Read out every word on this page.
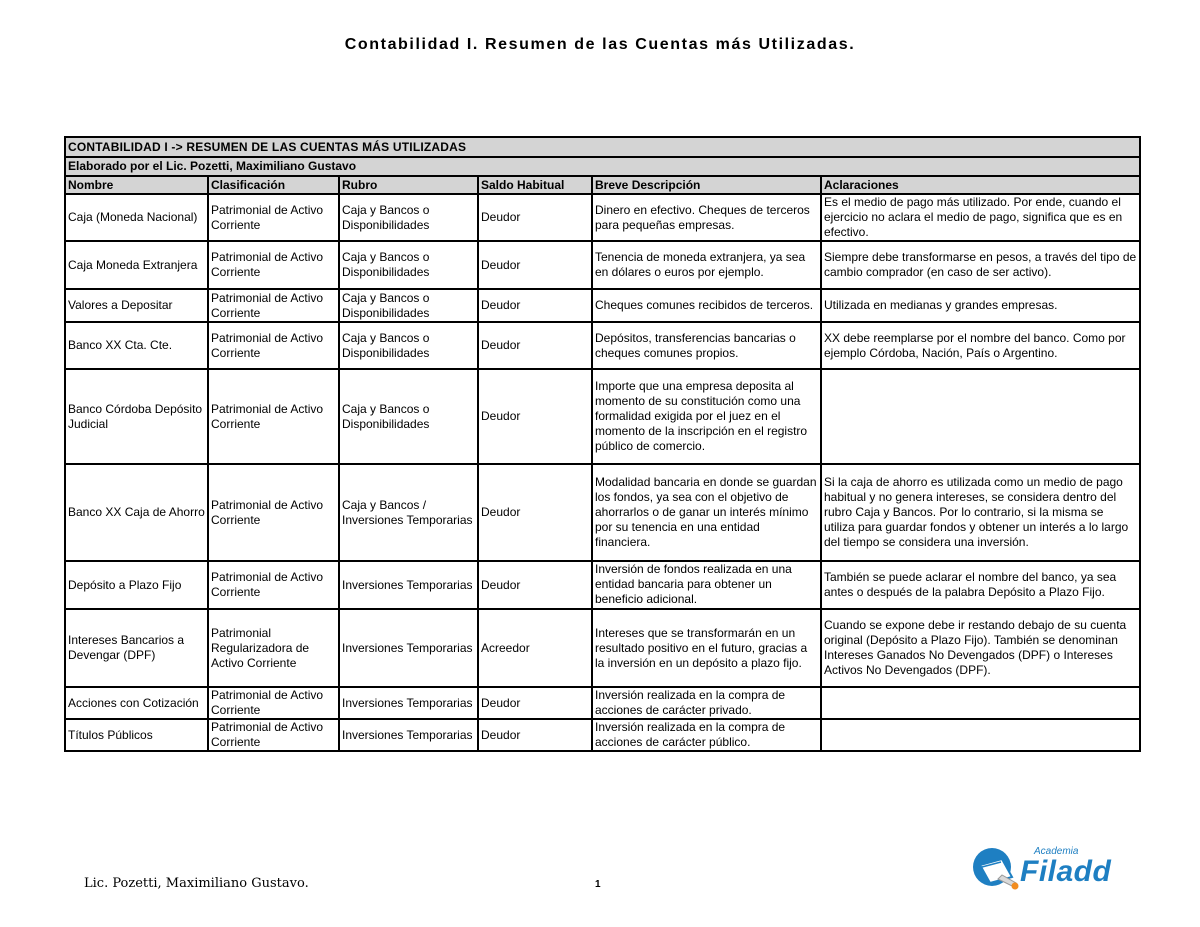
Contabilidad I. Resumen de las Cuentas más Utilizadas.
CONTABILIDAD I -> RESUMEN DE LAS CUENTAS MÁS UTILIZADAS					
Elaborado por el Lic. Pozetti, Maximiliano Gustavo					
Nombre	Clasificación	Rubro	Saldo Habitual	Breve Descripción	Aclaraciones
Caja (Moneda Nacional)	Patrimonial de Activo Corriente	Caja y Bancos o Disponibilidades	Deudor	Dinero en efectivo. Cheques de terceros para pequeñas empresas.	Es el medio de pago más utilizado. Por ende, cuando el ejercicio no aclara el medio de pago, significa que es en efectivo.
Caja Moneda Extranjera	Patrimonial de Activo Corriente	Caja y Bancos o Disponibilidades	Deudor	Tenencia de moneda extranjera, ya sea en dólares o euros por ejemplo.	Siempre debe transformarse en pesos, a través del tipo de cambio comprador (en caso de ser activo).
Valores a Depositar	Patrimonial de Activo Corriente	Caja y Bancos o Disponibilidades	Deudor	Cheques comunes recibidos de terceros.	Utilizada en medianas y grandes empresas.
Banco XX Cta. Cte.	Patrimonial de Activo Corriente	Caja y Bancos o Disponibilidades	Deudor	Depósitos, transferencias bancarias o cheques comunes propios.	XX debe reemplarse por el nombre del banco. Como por ejemplo Córdoba, Nación, País o Argentino.
Banco Córdoba Depósito Judicial	Patrimonial de Activo Corriente	Caja y Bancos o Disponibilidades	Deudor	Importe que una empresa deposita al momento de su constitución como una formalidad exigida por el juez en el momento de la inscripción en el registro público de comercio.	
Banco XX Caja de Ahorro	Patrimonial de Activo Corriente	Caja y Bancos / Inversiones Temporarias	Deudor	Modalidad bancaria en donde se guardan los fondos, ya sea con el objetivo de ahorrarlos o de ganar un interés mínimo por su tenencia en una entidad financiera.	Si la caja de ahorro es utilizada como un medio de pago habitual y no genera intereses, se considera dentro del rubro Caja y Bancos. Por lo contrario, si la misma se utiliza para guardar fondos y obtener un interés a lo largo del tiempo se considera una inversión.
Depósito a Plazo Fijo	Patrimonial de Activo Corriente	Inversiones Temporarias	Deudor	Inversión de fondos realizada en una entidad bancaria para obtener un beneficio adicional.	También se puede aclarar el nombre del banco, ya sea antes o después de la palabra Depósito a Plazo Fijo.
Intereses Bancarios a Devengar (DPF)	Patrimonial Regularizadora de Activo Corriente	Inversiones Temporarias	Acreedor	Intereses que se transformarán en un resultado positivo en el futuro, gracias a la inversión en un depósito a plazo fijo.	Cuando se expone debe ir restando debajo de su cuenta original (Depósito a Plazo Fijo). También se denominan Intereses Ganados No Devengados (DPF) o Intereses Activos No Devengados (DPF).
Acciones con Cotización	Patrimonial de Activo Corriente	Inversiones Temporarias	Deudor	Inversión realizada en la compra de acciones de carácter privado.	
Títulos Públicos	Patrimonial de Activo Corriente	Inversiones Temporarias	Deudor	Inversión realizada en la compra de acciones de carácter público.	
Lic. Pozetti, Maximiliano Gustavo.	1
Academia
Filadd
